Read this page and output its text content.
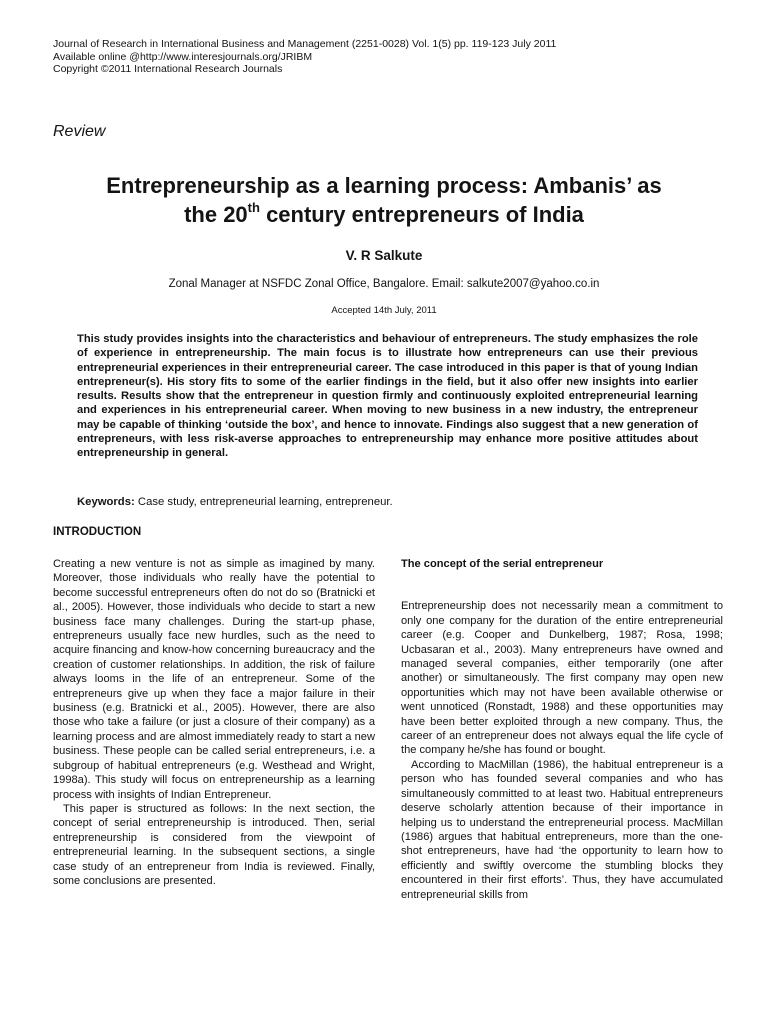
Journal of Research in International Business and Management (2251-0028) Vol. 1(5) pp. 119-123 July 2011
Available online @http://www.interesjournals.org/JRIBM
Copyright ©2011 International Research Journals
Review
Entrepreneurship as a learning process: Ambanis’ as
the 20th century entrepreneurs of India
V. R Salkute
Zonal Manager at NSFDC Zonal Office, Bangalore. Email: salkute2007@yahoo.co.in
Accepted 14th July, 2011
This study provides insights into the characteristics and behaviour of entrepreneurs. The study emphasizes the role of experience in entrepreneurship. The main focus is to illustrate how entrepreneurs can use their previous entrepreneurial experiences in their entrepreneurial career. The case introduced in this paper is that of young Indian entrepreneur(s). His story fits to some of the earlier findings in the field, but it also offer new insights into earlier results. Results show that the entrepreneur in question firmly and continuously exploited entrepreneurial learning and experiences in his entrepreneurial career. When moving to new business in a new industry, the entrepreneur may be capable of thinking ‘outside the box’, and hence to innovate. Findings also suggest that a new generation of entrepreneurs, with less risk-averse approaches to entrepreneurship may enhance more positive attitudes about entrepreneurship in general.
Keywords: Case study, entrepreneurial learning, entrepreneur.
INTRODUCTION

Creating a new venture is not as simple as imagined by many. Moreover, those individuals who really have the potential to become successful entrepreneurs often do not do so (Bratnicki et al., 2005). However, those individuals who decide to start a new business face many challenges. During the start-up phase, entrepreneurs usually face new hurdles, such as the need to acquire financing and know-how concerning bureaucracy and the creation of customer relationships. In addition, the risk of failure always looms in the life of an entrepreneur. Some of the entrepreneurs give up when they face a major failure in their business (e.g. Bratnicki et al., 2005). However, there are also those who take a failure (or just a closure of their company) as a learning process and are almost immediately ready to start a new business. These people can be called serial entrepreneurs, i.e. a subgroup of habitual entrepreneurs (e.g. Westhead and Wright, 1998a). This study will focus on entrepreneurship as a learning process with insights of Indian Entrepreneur.

This paper is structured as follows: In the next section, the concept of serial entrepreneurship is introduced. Then, serial entrepreneurship is considered from the viewpoint of entrepreneurial learning. In the subsequent sections, a single case study of an entrepreneur from India is reviewed. Finally, some conclusions are presented.

The concept of the serial entrepreneur

Entrepreneurship does not necessarily mean a commitment to only one company for the duration of the entire entrepreneurial career (e.g. Cooper and Dunkelberg, 1987; Rosa, 1998; Ucbasaran et al., 2003). Many entrepreneurs have owned and managed several companies, either temporarily (one after another) or simultaneously. The first company may open new opportunities which may not have been available otherwise or went unnoticed (Ronstadt, 1988) and these opportunities may have been better exploited through a new company. Thus, the career of an entrepreneur does not always equal the life cycle of the company he/she has found or bought.

According to MacMillan (1986), the habitual entrepreneur is a person who has founded several companies and who has simultaneously committed to at least two. Habitual entrepreneurs deserve scholarly attention because of their importance in helping us to understand the entrepreneurial process. MacMillan (1986) argues that habitual entrepreneurs, more than the one-shot entrepreneurs, have had ‘the opportunity to learn how to efficiently and swiftly overcome the stumbling blocks they encountered in their first efforts’. Thus, they have accumulated entrepreneurial skills from
